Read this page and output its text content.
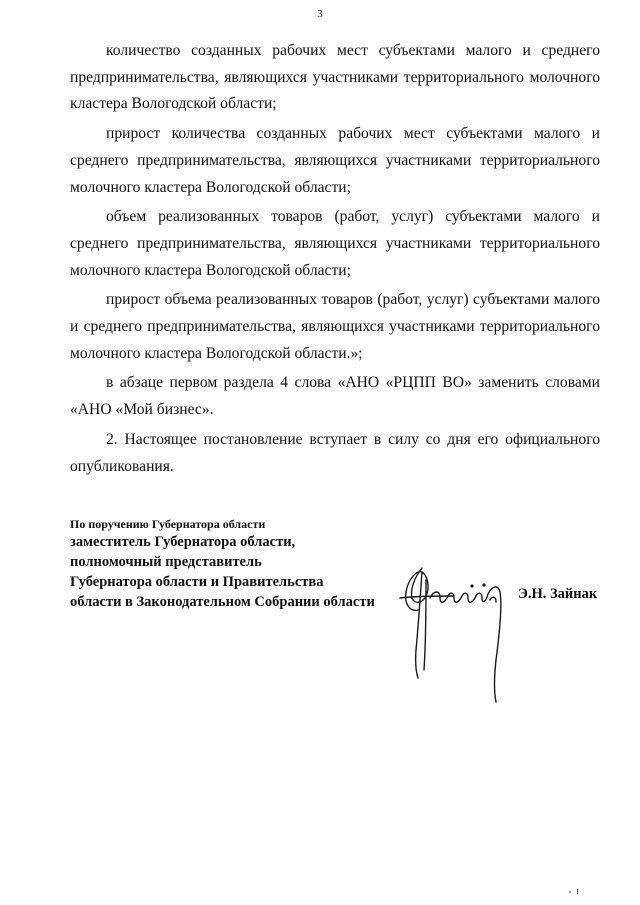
3

количество созданных рабочих мест субъектами малого и среднего предпринимательства, являющихся участниками территориального молочного кластера Вологодской области;

прирост количества созданных рабочих мест субъектами малого и среднего предпринимательства, являющихся участниками территориального молочного кластера Вологодской области;

объем реализованных товаров (работ, услуг) субъектами малого и среднего предпринимательства, являющихся участниками территориального молочного кластера Вологодской области;

прирост объема реализованных товаров (работ, услуг) субъектами малого и среднего предпринимательства, являющихся участниками территориального молочного кластера Вологодской области.»;

в абзаце первом раздела 4 слова «АНО «РЦПП ВО» заменить словами «АНО «Мой бизнес».

2. Настоящее постановление вступает в силу со дня его официального опубликования.

По поручению Губернатора области

заместитель Губернатора области,

полномочный представитель

Губернатора области и Правительства

области в Законодательном Собрании области	Э.Н. Зайнак
